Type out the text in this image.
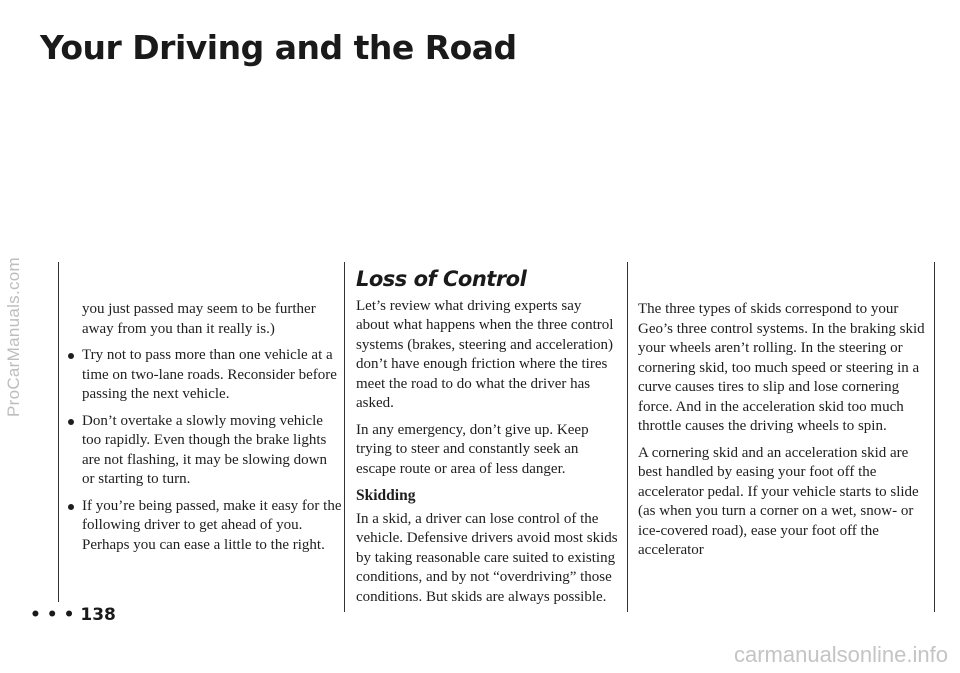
ProCarManuals.com
Your Driving and the Road

you just passed may seem to be further away from you than it really is.)

Try not to pass more than one vehicle at a time on two-lane roads. Reconsider before passing the next vehicle.
Don’t overtake a slowly moving vehicle too rapidly. Even though the brake lights are not flashing, it may be slowing down or starting to turn.
If you’re being passed, make it easy for the following driver to get ahead of you. Perhaps you can ease a little to the right.
Loss of Control

Let’s review what driving experts say about what happens when the three control systems (brakes, steering and acceleration) don’t have enough friction where the tires meet the road to do what the driver has asked.

In any emergency, don’t give up. Keep trying to steer and constantly seek an escape route or area of less danger.

Skidding

In a skid, a driver can lose control of the vehicle. Defensive drivers avoid most skids by taking reasonable care suited to existing conditions, and by not “overdriving” those conditions. But skids are always possible.

The three types of skids correspond to your Geo’s three control systems. In the braking skid your wheels aren’t rolling. In the steering or cornering skid, too much speed or steering in a curve causes tires to slip and lose cornering force. And in the acceleration skid too much throttle causes the driving wheels to spin.

A cornering skid and an acceleration skid are best handled by easing your foot off the accelerator pedal. If your vehicle starts to slide (as when you turn a corner on a wet, snow- or ice-covered road), ease your foot off the accelerator

• • • 138
carmanualsonline.info
